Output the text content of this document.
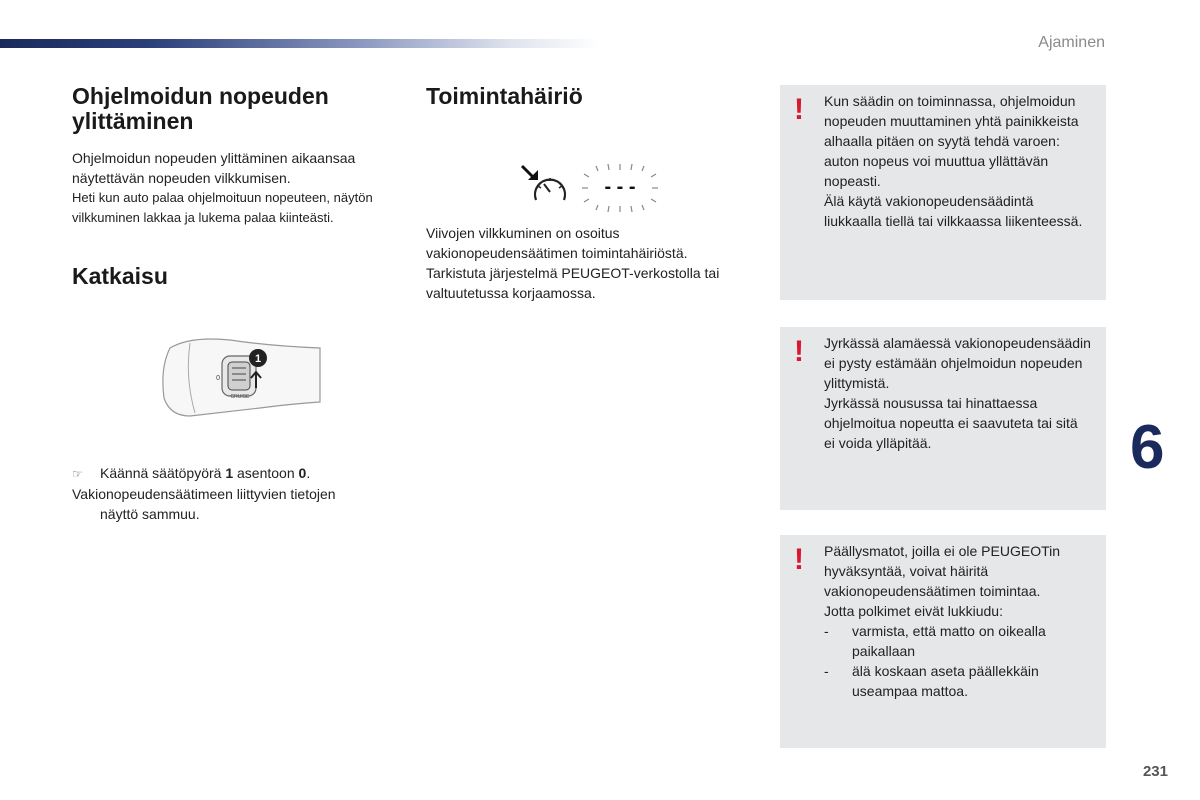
Ajaminen
Ohjelmoidun nopeuden ylittäminen

Ohjelmoidun nopeuden ylittäminen aikaansaa näytettävän nopeuden vilkkumisen.

Heti kun auto palaa ohjelmoituun nopeuteen, näytön vilkkuminen lakkaa ja lukema palaa kiinteästi.

Katkaisu
1
0
CRUISE

☞ Käännä säätöpyörä 1 asentoon 0.

Vakionopeudensäätimeen liittyvien tietojen
näyttö sammuu.

Toimintahäiriö
- - -

Viivojen vilkkuminen on osoitus vakionopeudensäätimen toimintahäiriöstä.

Tarkistuta järjestelmä PEUGEOT-verkostolla tai valtuutetussa korjaamossa.

! Kun säädin on toiminnassa, ohjelmoidun nopeuden muuttaminen yhtä painikkeista alhaalla pitäen on syytä tehdä varoen: auton nopeus voi muuttua yllättävän nopeasti.
Älä käytä vakionopeudensäädintä liukkaalla tiellä tai vilkkaassa liikenteessä.
! Jyrkässä alamäessä vakionopeudensäädin ei pysty estämään ohjelmoidun nopeuden ylittymistä.
Jyrkässä nousussa tai hinattaessa ohjelmoitua nopeutta ei saavuteta tai sitä ei voida ylläpitää.
! Päällysmatot, joilla ei ole PEUGEOTin hyväksyntää, voivat häiritä vakionopeudensäätimen toimintaa.
Jotta polkimet eivät lukkiudu:
- varmista, että matto on oikealla paikallaan
- älä koskaan aseta päällekkäin useampaa mattoa.
6
231
